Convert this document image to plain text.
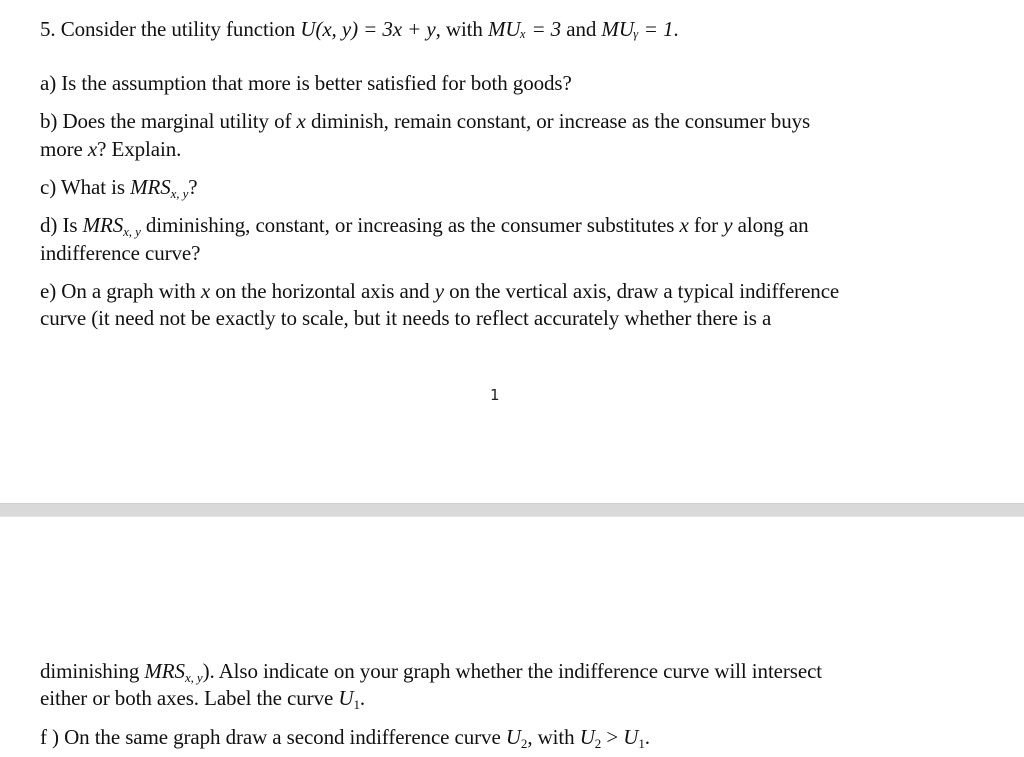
5. Consider the utility function U(x, y) = 3x + y, with MUₓ = 3 and MUᵧ = 1.
a) Is the assumption that more is better satisfied for both goods?
b) Does the marginal utility of x diminish, remain constant, or increase as the consumer buys
more x? Explain.
c) What is $MRS_{x, y}$?
d) Is $MRS_{x, y}$ diminishing, constant, or increasing as the consumer substitutes x for y along an
indifference curve?
e) On a graph with x on the horizontal axis and y on the vertical axis, draw a typical indifference
curve (it need not be exactly to scale, but it needs to reflect accurately whether there is a
1
diminishing $MRS_{x, y}$). Also indicate on your graph whether the indifference curve will intersect
either or both axes. Label the curve $U_1$.
f ) On the same graph draw a second indifference curve $U_2$, with $U_2 > U_1$.
